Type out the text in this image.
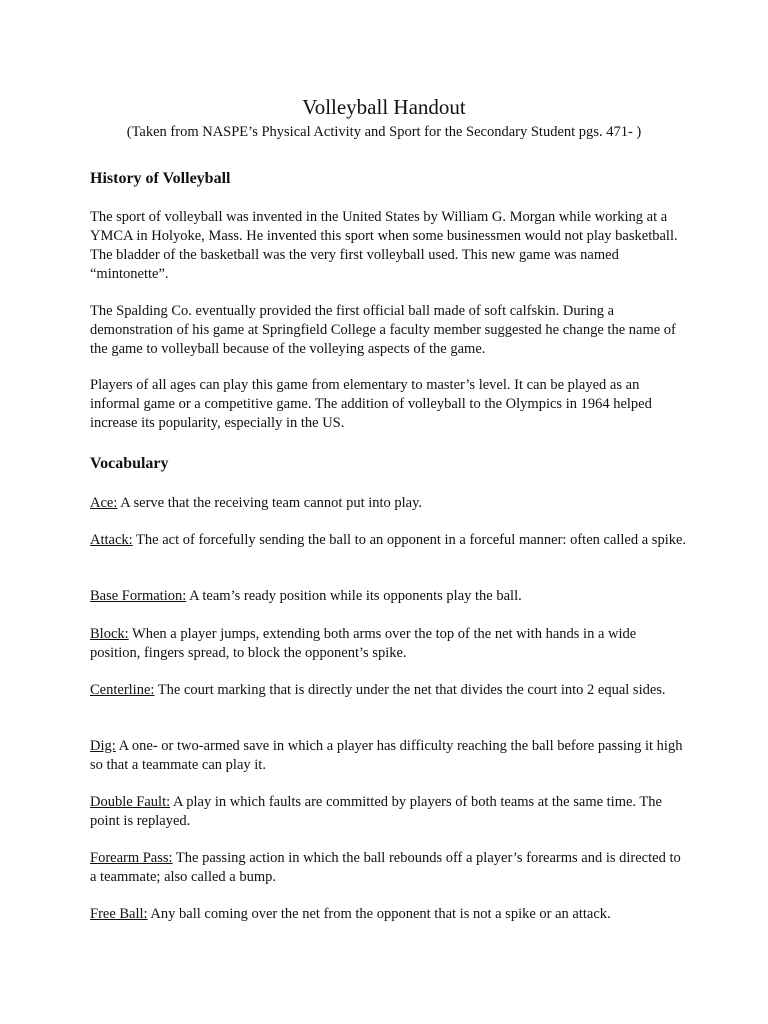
Volleyball Handout
(Taken from NASPE’s Physical Activity and Sport for the Secondary Student pgs. 471- )
History of Volleyball

The sport of volleyball was invented in the United States by William G. Morgan while working at a YMCA in Holyoke, Mass. He invented this sport when some businessmen would not play basketball. The bladder of the basketball was the very first volleyball used. This new game was named “mintonette”.

The Spalding Co. eventually provided the first official ball made of soft calfskin. During a demonstration of his game at Springfield College a faculty member suggested he change the name of the game to volleyball because of the volleying aspects of the game.

Players of all ages can play this game from elementary to master’s level. It can be played as an informal game or a competitive game. The addition of volleyball to the Olympics in 1964 helped increase its popularity, especially in the US.

Vocabulary

Ace: A serve that the receiving team cannot put into play.

Attack: The act of forcefully sending the ball to an opponent in a forceful manner: often called a spike.

Base Formation: A team’s ready position while its opponents play the ball.

Block: When a player jumps, extending both arms over the top of the net with hands in a wide position, fingers spread, to block the opponent’s spike.

Centerline: The court marking that is directly under the net that divides the court into 2 equal sides.

Dig: A one- or two-armed save in which a player has difficulty reaching the ball before passing it high so that a teammate can play it.

Double Fault: A play in which faults are committed by players of both teams at the same time. The point is replayed.

Forearm Pass: The passing action in which the ball rebounds off a player’s forearms and is directed to a teammate; also called a bump.

Free Ball: Any ball coming over the net from the opponent that is not a spike or an attack.
